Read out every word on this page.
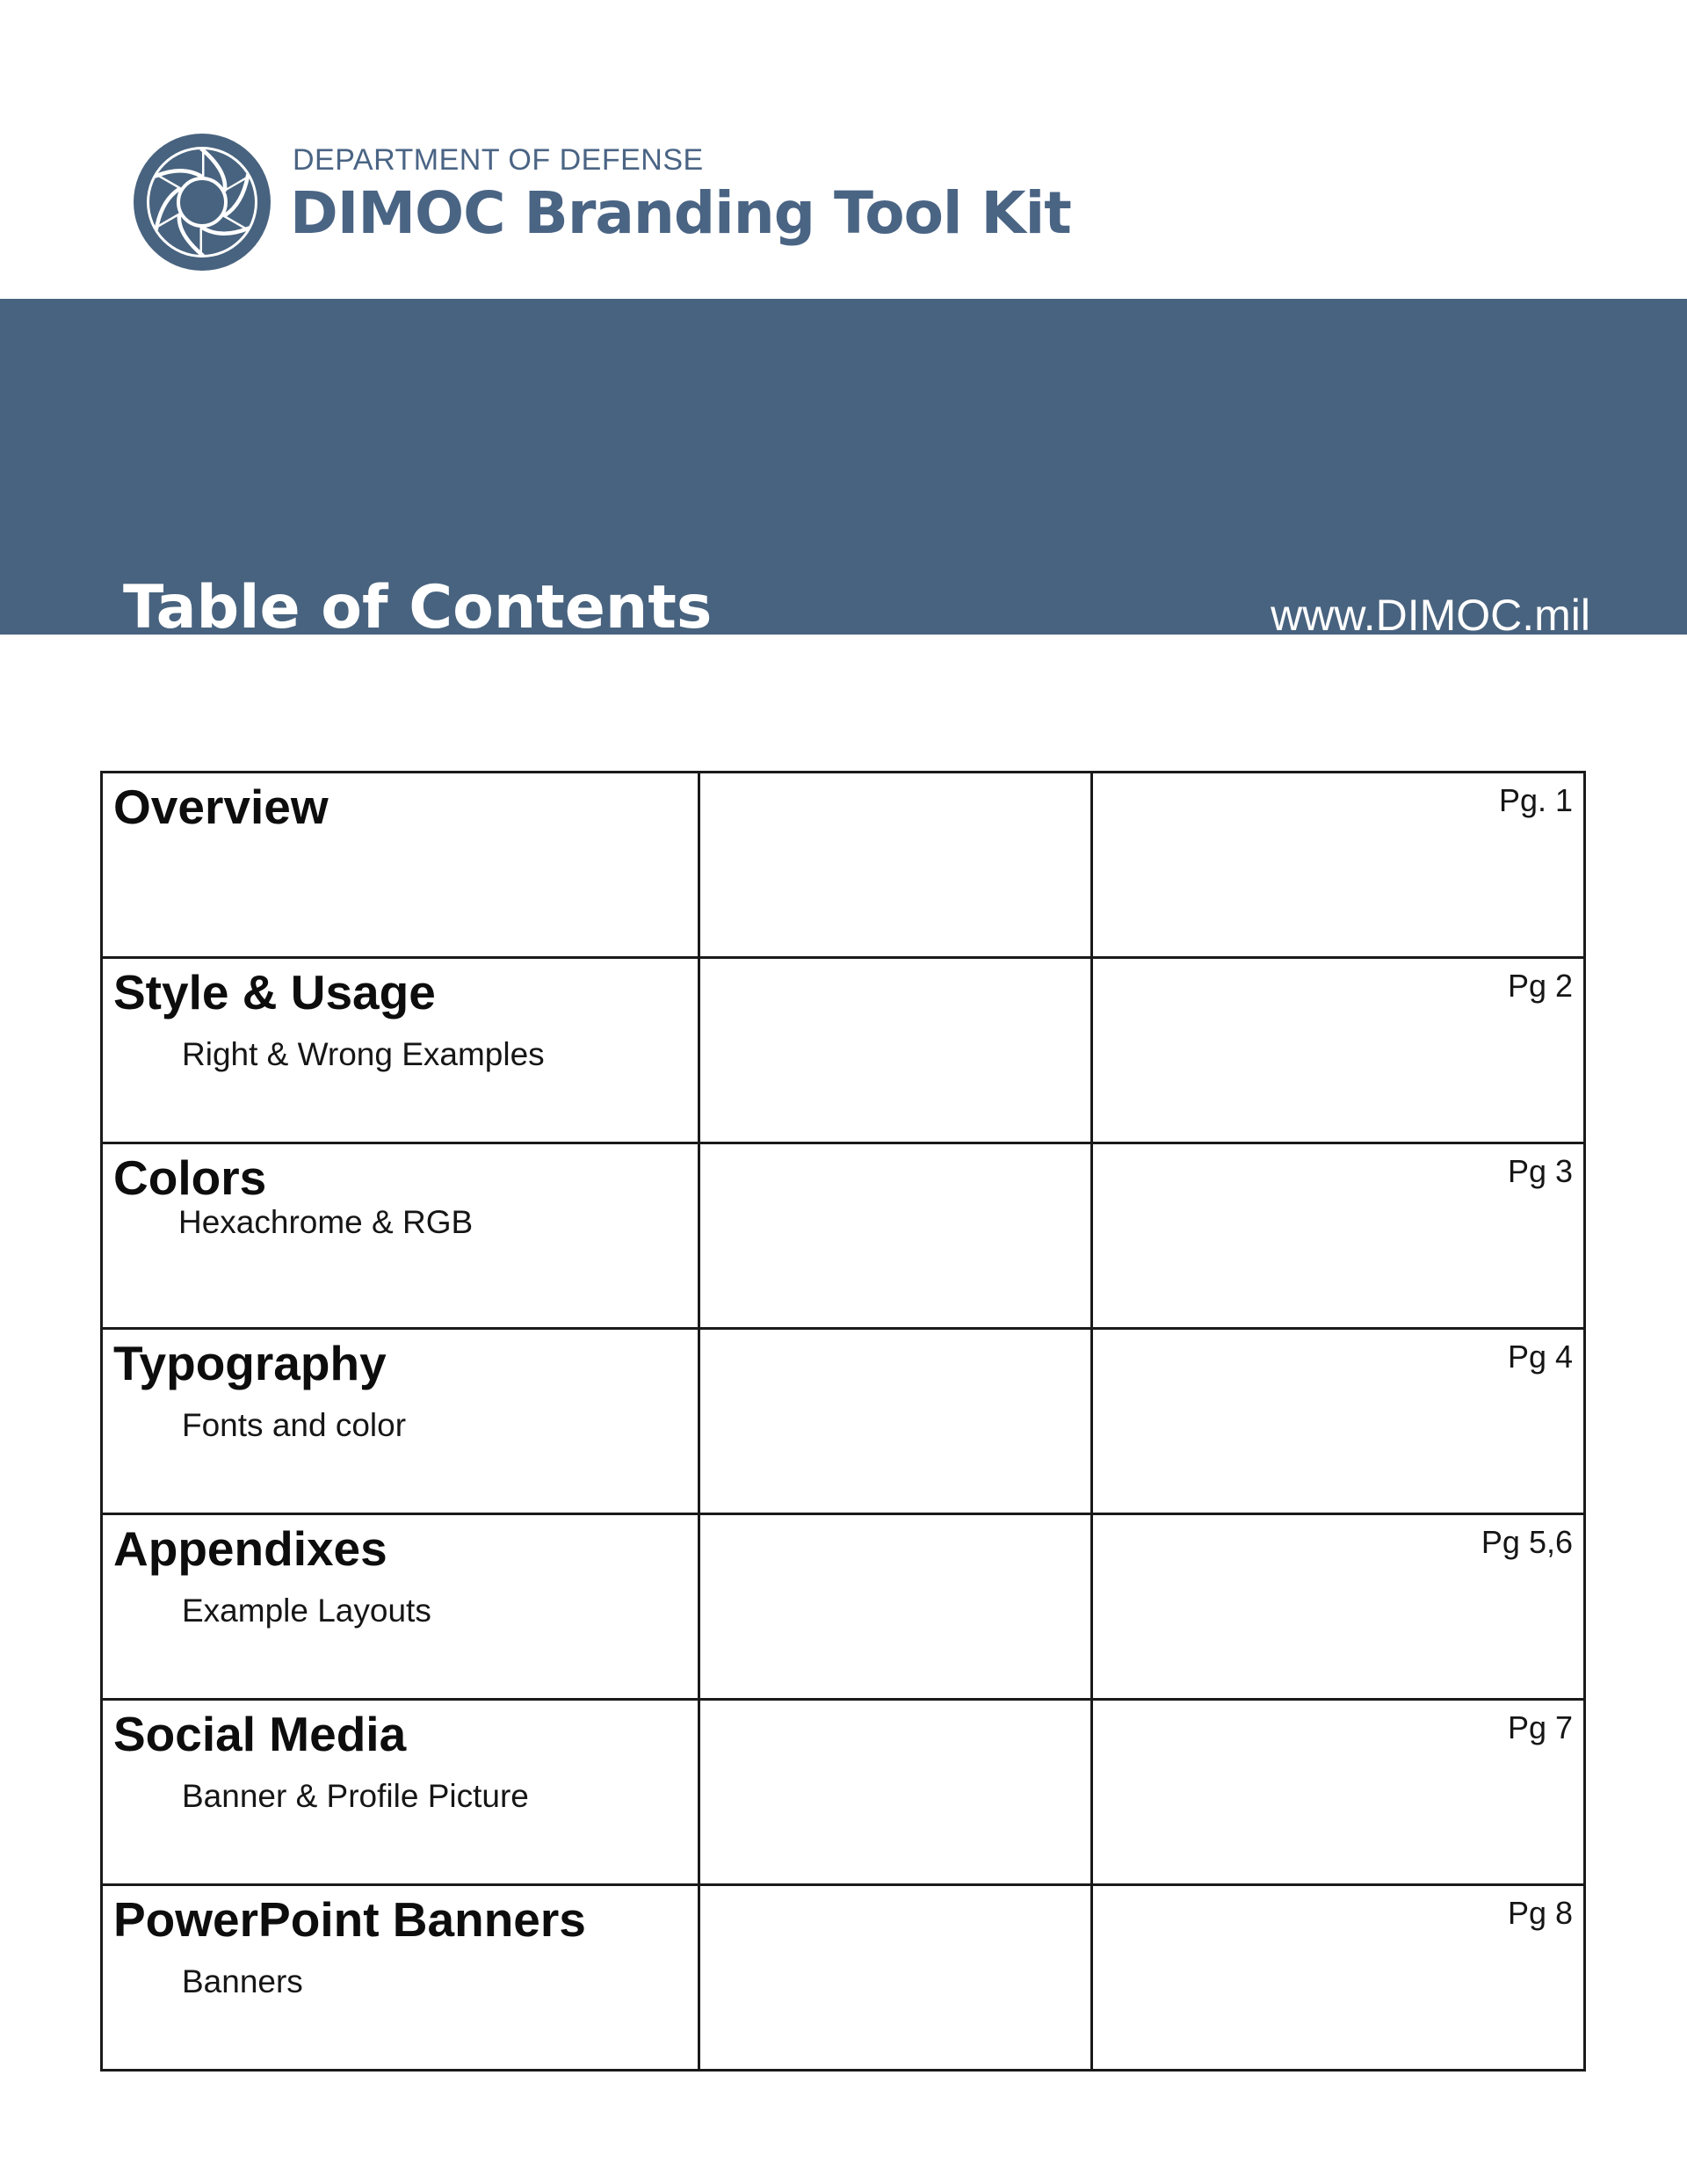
DEPARTMENT OF DEFENSE
DIMOC Branding Tool Kit
Table of Contents	www.DIMOC.mil
Overview		Pg. 1

Style & Usage
Right & Wrong Examples		Pg 2

Colors
Hexachrome & RGB		Pg 3

Typography
Fonts and color		Pg 4

Appendixes
Example Layouts		Pg 5,6

Social Media
Banner & Profile Picture		Pg 7

PowerPoint Banners
Banners		Pg 8
